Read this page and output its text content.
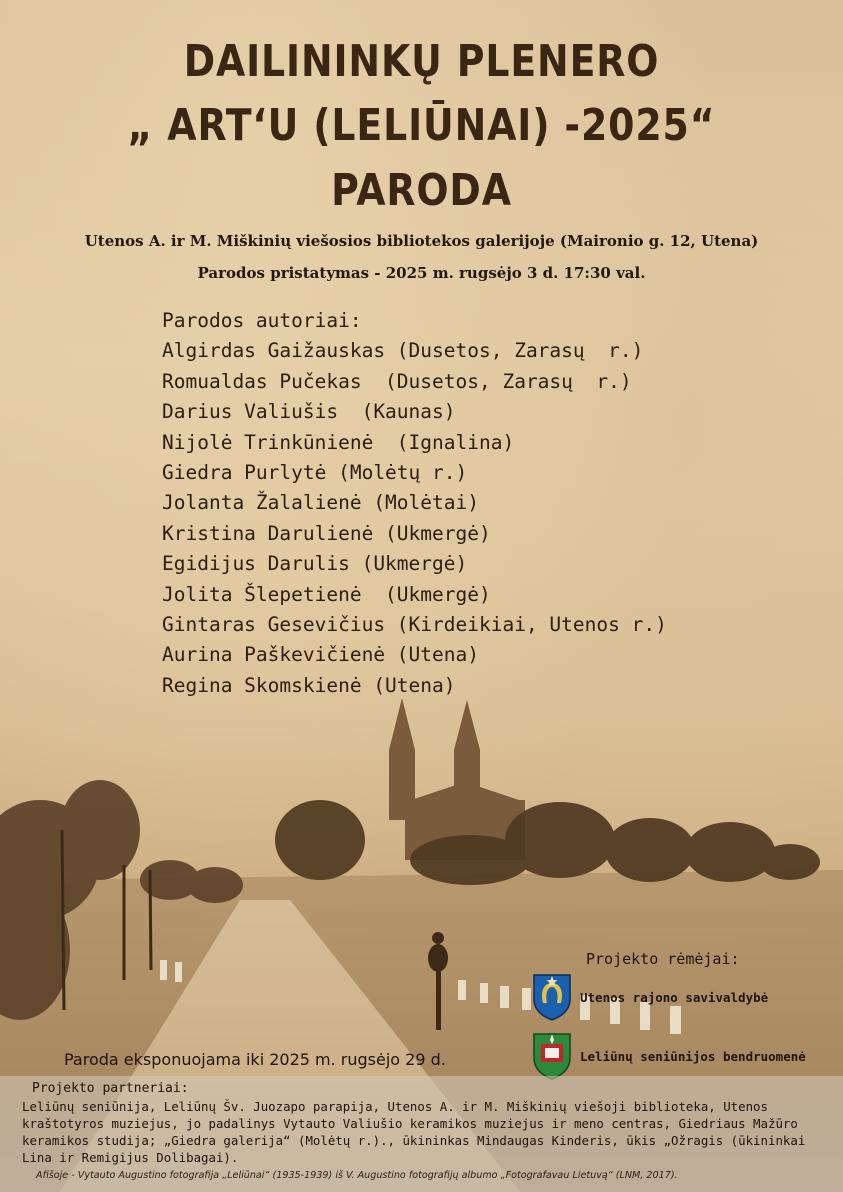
DAILININKŲ PLENERO
„ ART‘U (LELIŪNAI) -2025“
PARODA
Utenos A. ir M. Miškinių viešosios bibliotekos galerijoje (Maironio g. 12, Utena)
Parodos pristatymas - 2025 m. rugsėjo 3 d. 17:30 val.
Parodos autoriai:
Algirdas Gaižauskas (Dusetos, Zarasų  r.)
Romualdas Pučekas  (Dusetos, Zarasų  r.)
Darius Valiušis  (Kaunas)
Nijolė Trinkūnienė  (Ignalina)
Giedra Purlytė (Molėtų r.)
Jolanta Žalalienė (Molėtai)
Kristina Darulienė (Ukmergė)
Egidijus Darulis (Ukmergė)
Jolita Šlepetienė  (Ukmergė)
Gintaras Gesevičius (Kirdeikiai, Utenos r.)
Aurina Paškevičienė (Utena)
Regina Skomskienė (Utena)
Projekto rėmėjai:
Utenos rajono savivaldybė
Leliūnų seniūnijos bendruomenė
Paroda eksponuojama iki 2025 m. rugsėjo 29 d.
Projekto partneriai:
Leliūnų seniūnija, Leliūnų Šv. Juozapo parapija, Utenos A. ir M. Miškinių viešoji biblioteka, Utenos kraštotyros muziejus, jo padalinys Vytauto Valiušio keramikos muziejus ir meno centras, Giedriaus Mažūro keramikos studija; „Giedra galerija“ (Molėtų r.)., ūkininkas Mindaugas Kinderis, ūkis „Ožragis (ūkininkai Lina ir Remigijus Dolibagai).
Afišoje - Vytauto Augustino fotografija „Leliūnai“ (1935-1939) iš V. Augustino fotografijų albumo „Fotografavau Lietuvą“ (LNM, 2017).
